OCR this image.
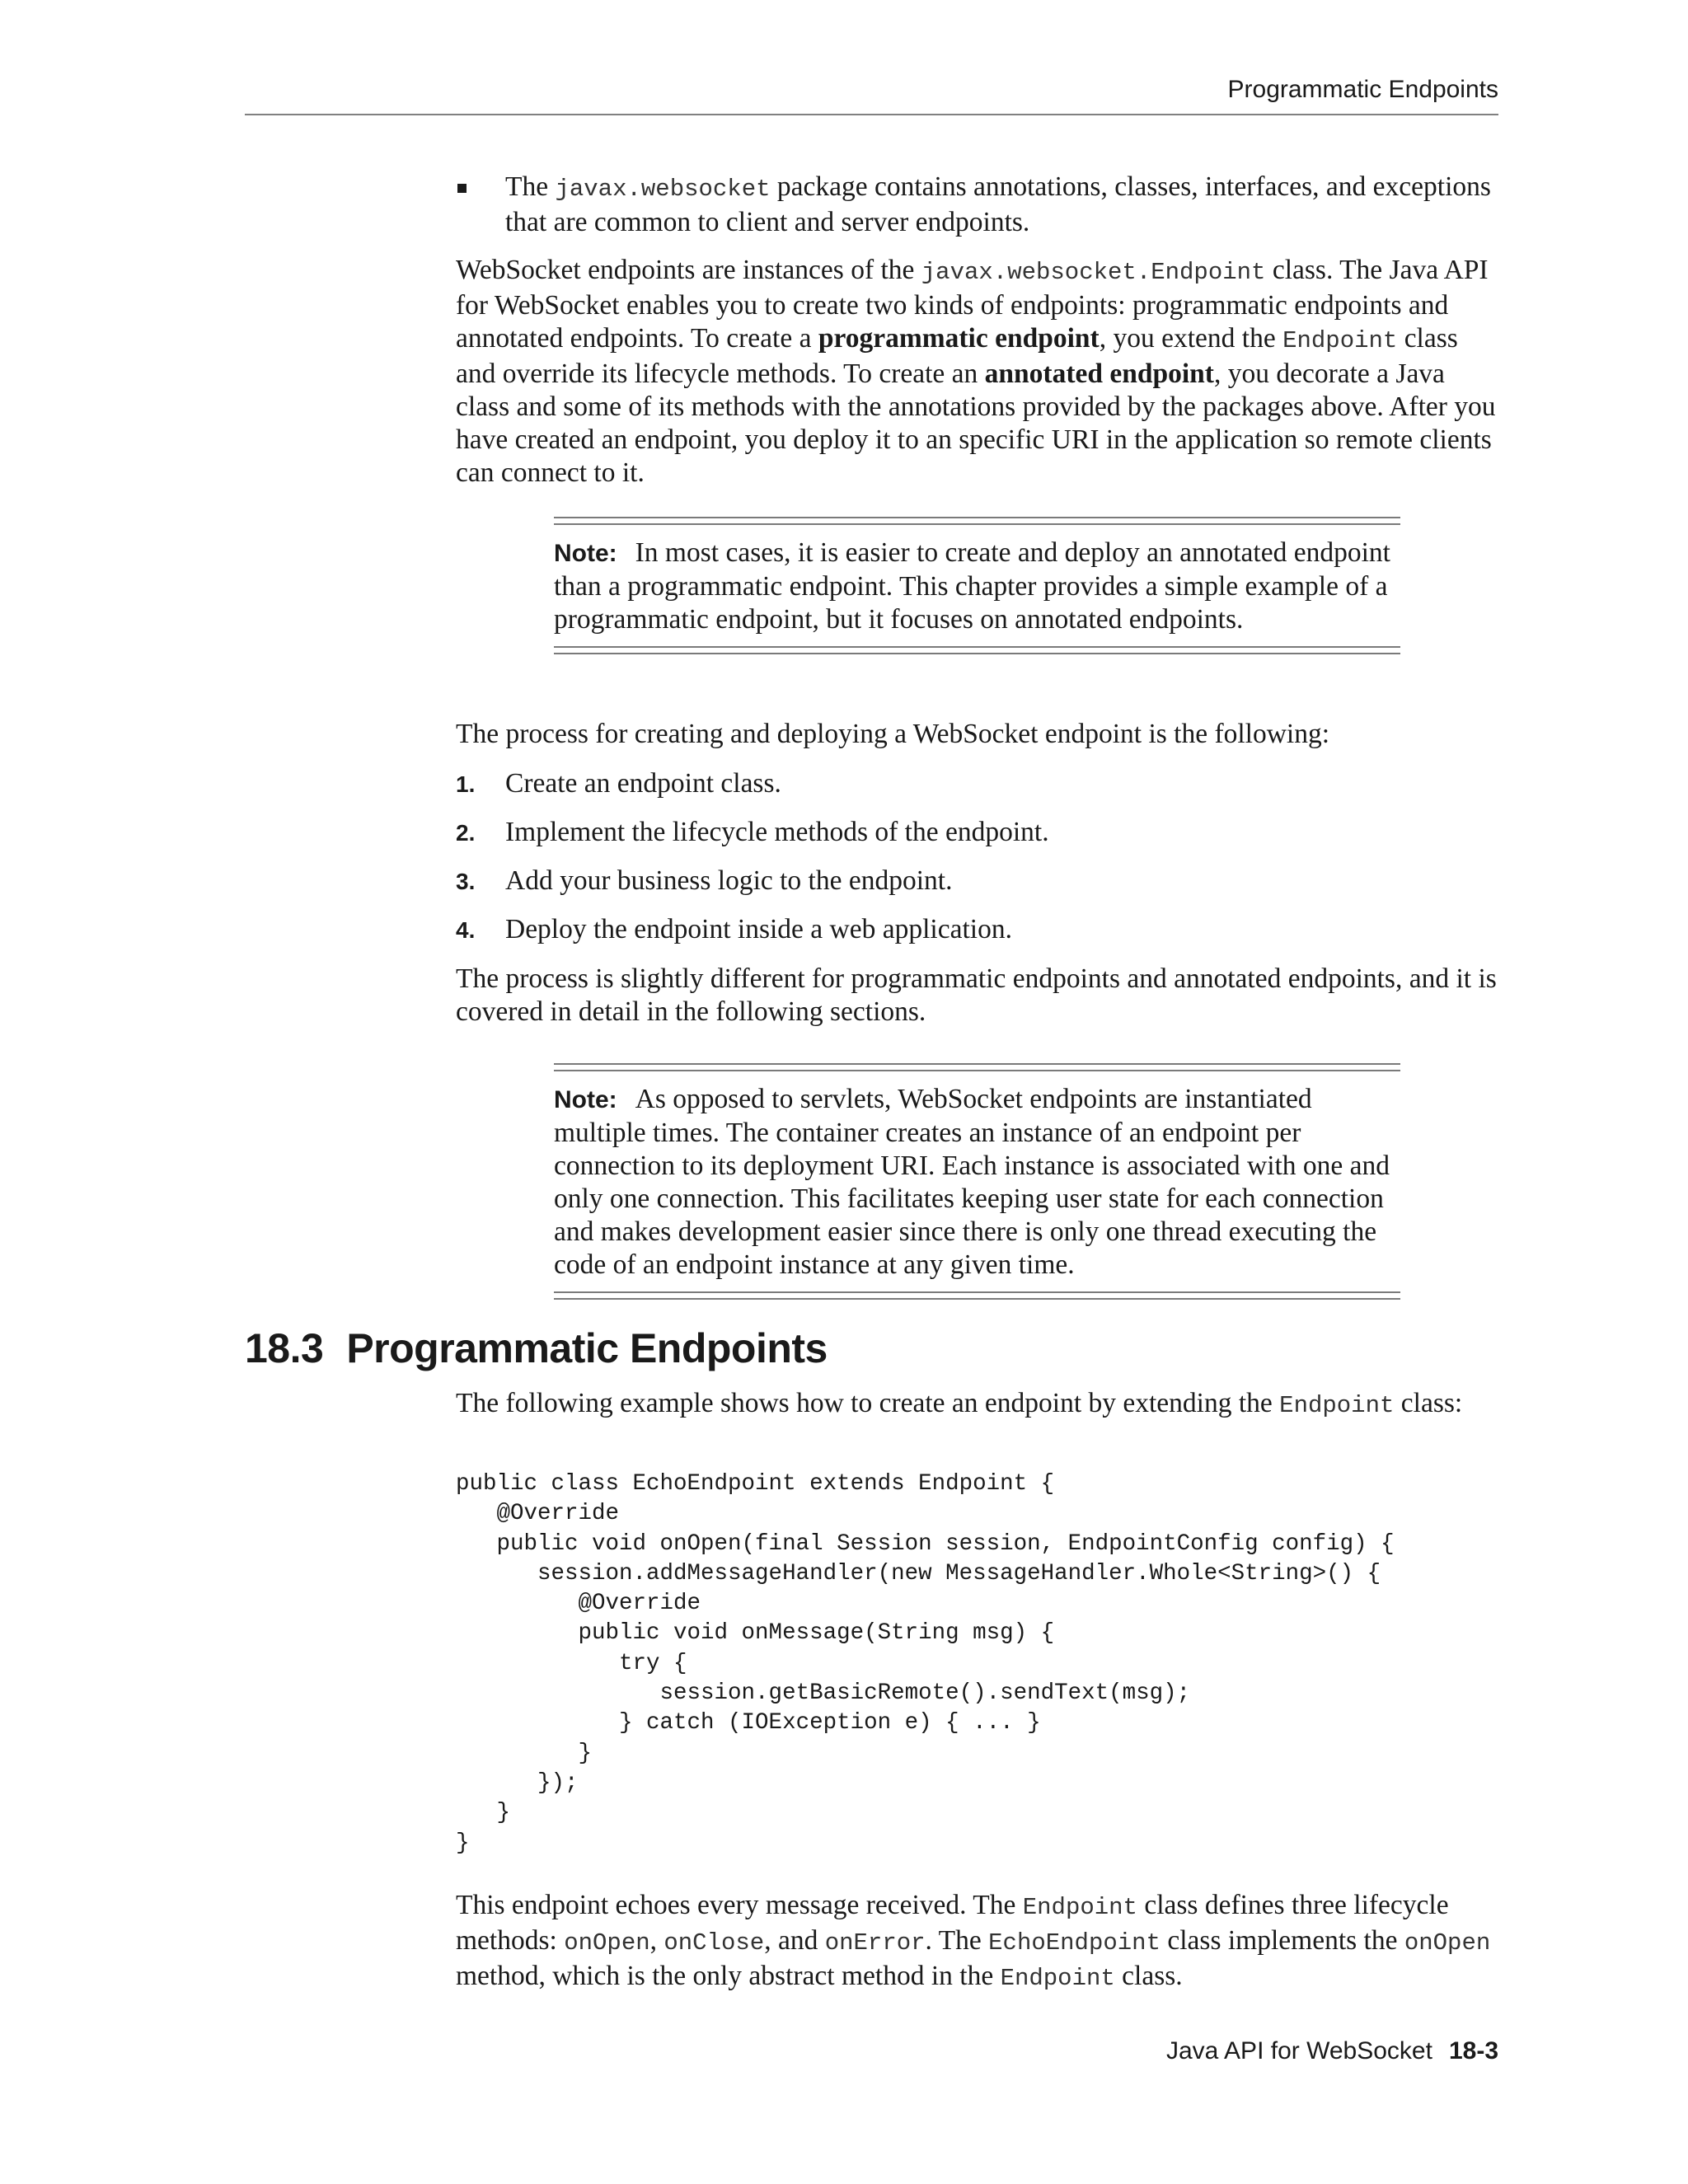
Programmatic Endpoints
The javax.websocket package contains annotations, classes, interfaces, and exceptions that are common to client and server endpoints.

WebSocket endpoints are instances of the javax.websocket.Endpoint class. The Java API for WebSocket enables you to create two kinds of endpoints: programmatic endpoints and annotated endpoints. To create a programmatic endpoint, you extend the Endpoint class and override its lifecycle methods. To create an annotated endpoint, you decorate a Java class and some of its methods with the annotations provided by the packages above. After you have created an endpoint, you deploy it to an specific URI in the application so remote clients can connect to it.

Note: In most cases, it is easier to create and deploy an annotated endpoint than a programmatic endpoint. This chapter provides a simple example of a programmatic endpoint, but it focuses on annotated endpoints.

The process for creating and deploying a WebSocket endpoint is the following:

1. Create an endpoint class.
2. Implement the lifecycle methods of the endpoint.
3. Add your business logic to the endpoint.
4. Deploy the endpoint inside a web application.

The process is slightly different for programmatic endpoints and annotated endpoints, and it is covered in detail in the following sections.

Note: As opposed to servlets, WebSocket endpoints are instantiated multiple times. The container creates an instance of an endpoint per connection to its deployment URI. Each instance is associated with one and only one connection. This facilitates keeping user state for each connection and makes development easier since there is only one thread executing the code of an endpoint instance at any given time.
18.3 Programmatic Endpoints

The following example shows how to create an endpoint by extending the Endpoint class:

public class EchoEndpoint extends Endpoint {
@Override
public void onOpen(final Session session, EndpointConfig config) {
session.addMessageHandler(new MessageHandler.Whole<String>() {
@Override
public void onMessage(String msg) {
try {
session.getBasicRemote().sendText(msg);
} catch (IOException e) { ... }
}
});
}
}

This endpoint echoes every message received. The Endpoint class defines three lifecycle methods: onOpen, onClose, and onError. The EchoEndpoint class implements the onOpen method, which is the only abstract method in the Endpoint class.

Java API for WebSocket 18-3
